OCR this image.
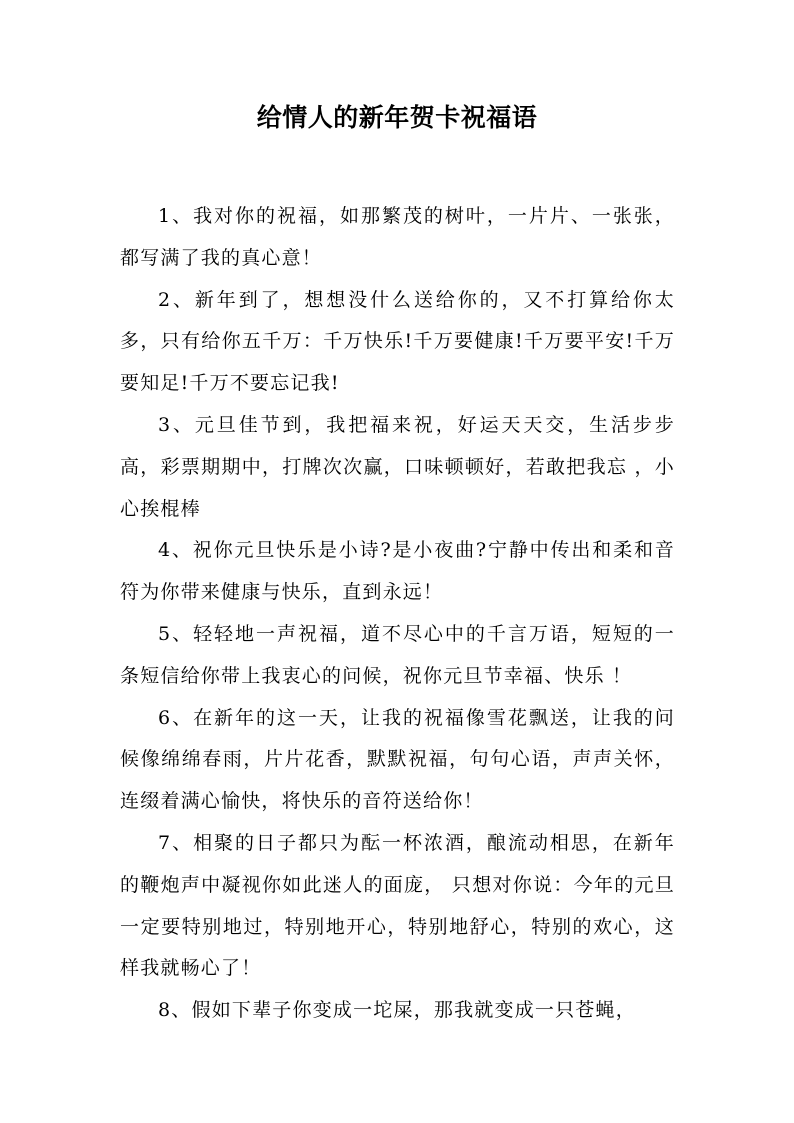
给情人的新年贺卡祝福语

1、我对你的祝福，如那繁茂的树叶，一片片、一张张，都写满了我的真心意！

2、新年到了，想想没什么送给你的，又不打算给你太多，只有给你五千万：千万快乐!千万要健康!千万要平安!千万要知足!千万不要忘记我!

3、元旦佳节到，我把福来祝，好运天天交，生活步步高，彩票期期中，打牌次次赢，口味顿顿好，若敢把我忘 ，小心挨棍棒

4、祝你元旦快乐是小诗?是小夜曲?宁静中传出和柔和音符为你带来健康与快乐，直到永远！

5、轻轻地一声祝福，道不尽心中的千言万语，短短的一条短信给你带上我衷心的问候，祝你元旦节幸福、快乐 ！

6、在新年的这一天，让我的祝福像雪花飘送，让我的问候像绵绵春雨，片片花香，默默祝福，句句心语，声声关怀，连缀着满心愉快，将快乐的音符送给你！

7、相聚的日子都只为酝一杯浓酒，酿流动相思，在新年的鞭炮声中凝视你如此迷人的面庞， 只想对你说：今年的元旦一定要特别地过，特别地开心，特别地舒心，特别的欢心，这样我就畅心了！

8、假如下辈子你变成一坨屎，那我就变成一只苍蝇，
